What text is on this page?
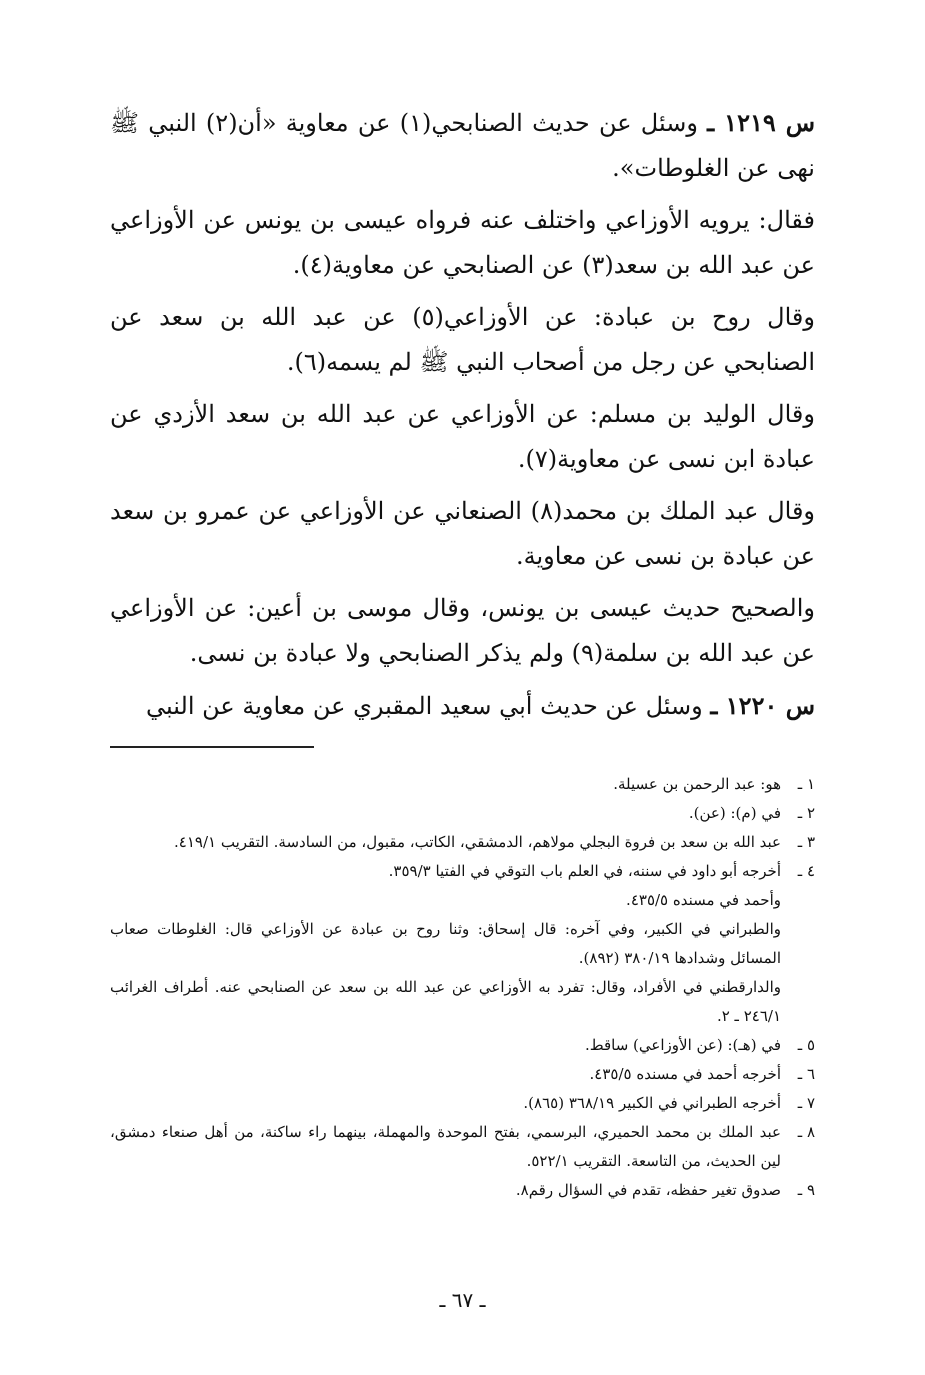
س ١٢١٩ ـ وسئل عن حديث الصنابحي(١) عن معاوية «أن(٢) النبي ﷺ نهى عن الغلوطات».

فقال: يرويه الأوزاعي واختلف عنه فرواه عيسى بن يونس عن الأوزاعي عن عبد الله بن سعد(٣) عن الصنابحي عن معاوية(٤).

وقال روح بن عبادة: عن الأوزاعي(٥) عن عبد الله بن سعد عن الصنابحي عن رجل من أصحاب النبي ﷺ لم يسمه(٦).

وقال الوليد بن مسلم: عن الأوزاعي عن عبد الله بن سعد الأزدي عن عبادة ابن نسى عن معاوية(٧).

وقال عبد الملك بن محمد(٨) الصنعاني عن الأوزاعي عن عمرو بن سعد عن عبادة بن نسى عن معاوية.

والصحيح حديث عيسى بن يونس، وقال موسى بن أعين: عن الأوزاعي عن عبد الله بن سلمة(٩) ولم يذكر الصنابحي ولا عبادة بن نسى.

س ١٢٢٠ ـ وسئل عن حديث أبي سعيد المقبري عن معاوية عن النبي

١ ـ
هو: عبد الرحمن بن عسيلة.
٢ ـ
في (م): (عن).
٣ ـ
عبد الله بن سعد بن فروة البجلي مولاهم، الدمشقي، الكاتب، مقبول، من السادسة. التقريب ٤١٩/١.
٤ ـ
أخرجه أبو داود في سننه، في العلم باب التوقي في الفتيا ٣٥٩/٣.
وأحمد في مسنده ٤٣٥/٥.
والطبراني في الكبير، وفي آخره: قال إسحاق: وثنا روح بن عبادة عن الأوزاعي قال: الغلوطات صعاب المسائل وشدادها ٣٨٠/١٩ (٨٩٢).
والدارقطني في الأفراد، وقال: تفرد به الأوزاعي عن عبد الله بن سعد عن الصنابحي عنه. أطراف الغرائب ٢٤٦/١ ـ ٢.
٥ ـ
في (هـ): (عن الأوزاعي) ساقط.
٦ ـ
أخرجه أحمد في مسنده ٤٣٥/٥.
٧ ـ
أخرجه الطبراني في الكبير ٣٦٨/١٩ (٨٦٥).
٨ ـ
عبد الملك بن محمد الحميري، البرسمي، بفتح الموحدة والمهملة، بينهما راء ساكنة، من أهل صنعاء دمشق، لين الحديث، من التاسعة. التقريب ٥٢٢/١.
٩ ـ
صدوق تغير حفظه، تقدم في السؤال رقم٨.
ـ ٦٧ ـ
